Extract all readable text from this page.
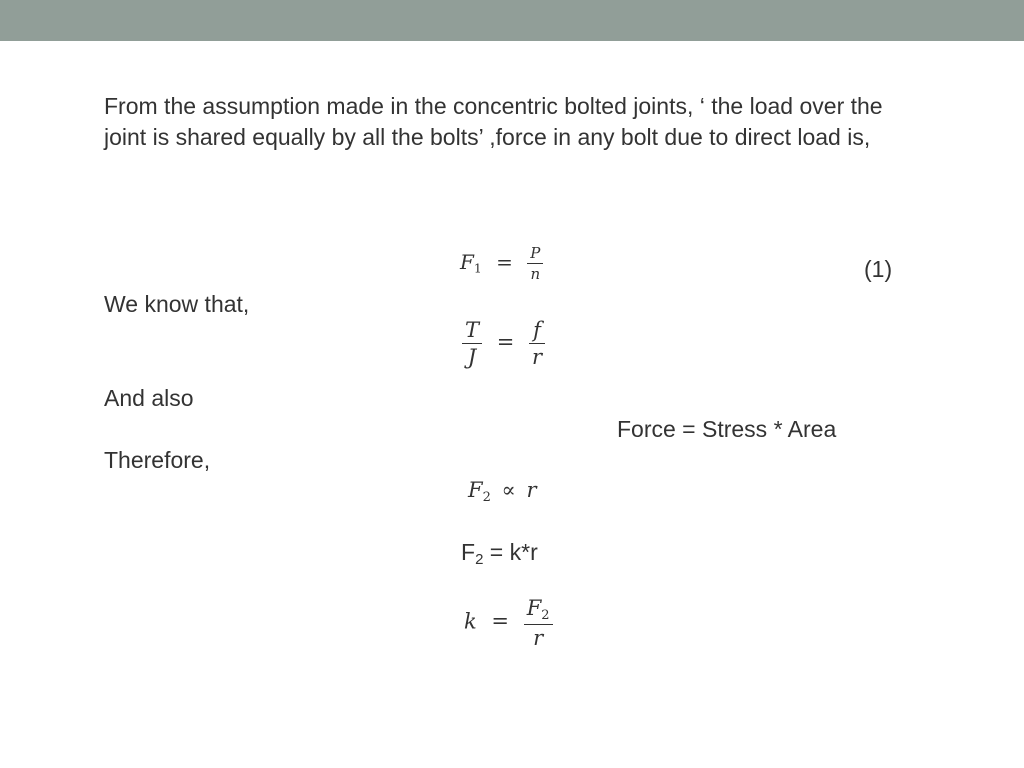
From the assumption made in the concentric bolted joints, ‘ the load over the joint is shared equally by all the bolts’ ,force in any bolt due to direct load is,
$F_1 = \frac{P}{n}$	(1)
We know that,
$\frac{T}{J} = \frac{f}{r}$
And also
Force = Stress * Area
Therefore,
$F_2 \propto r$
$F_2 = k*r$
$k = \frac{F_2}{r}$
